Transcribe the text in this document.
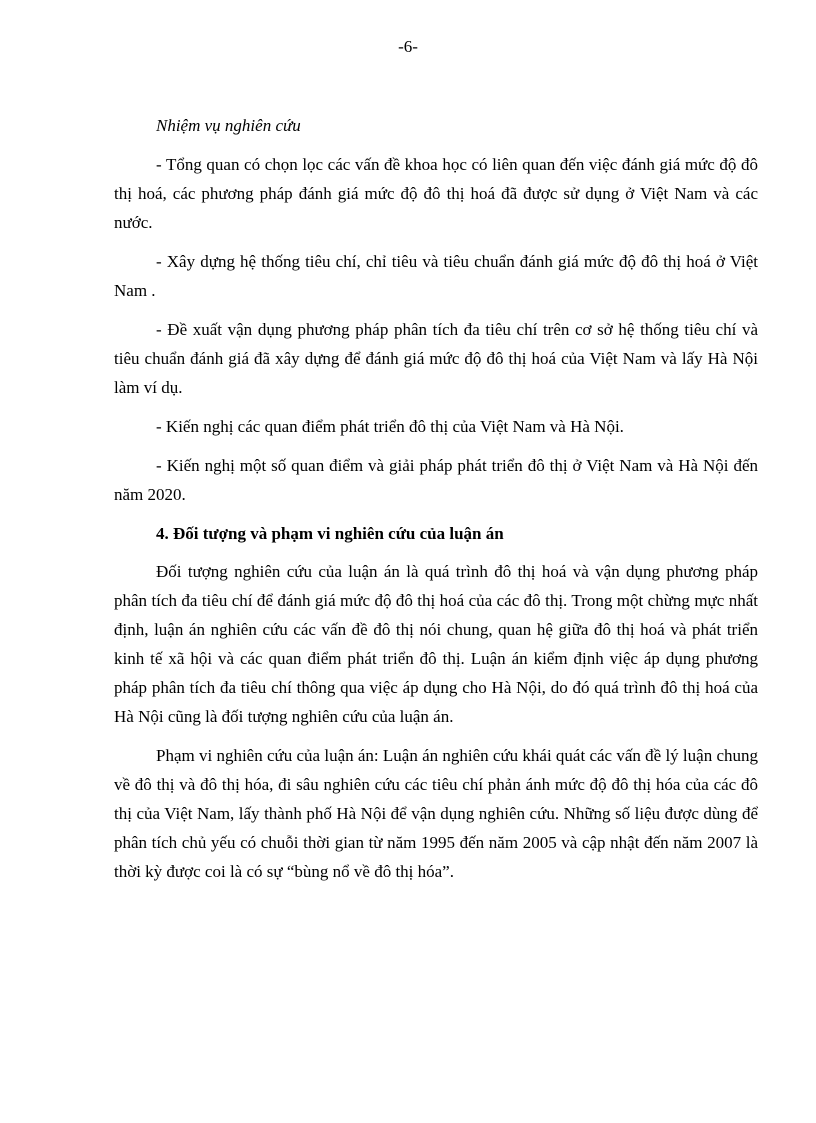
-6-

Nhiệm vụ nghiên cứu

- Tổng quan có chọn lọc các vấn đề khoa học có liên quan đến việc đánh giá mức độ đô thị hoá, các phương pháp đánh giá mức độ đô thị hoá đã được sử dụng ở Việt Nam và các nước.

- Xây dựng hệ thống tiêu chí, chỉ tiêu và tiêu chuẩn đánh giá mức độ đô thị hoá ở Việt Nam .

- Đề xuất vận dụng phương pháp phân tích đa tiêu chí trên cơ sở hệ thống tiêu chí và tiêu chuẩn đánh giá đã xây dựng để đánh giá mức độ đô thị hoá của Việt Nam và lấy Hà Nội làm ví dụ.

- Kiến nghị các quan điểm phát triển đô thị của Việt Nam và Hà Nội.

- Kiến nghị một số quan điểm và giải pháp phát triển đô thị ở Việt Nam và Hà Nội đến năm 2020.

4. Đối tượng và phạm vi nghiên cứu của luận án

Đối tượng nghiên cứu của luận án là quá trình đô thị hoá và vận dụng phương pháp phân tích đa tiêu chí để đánh giá mức độ đô thị hoá của các đô thị. Trong một chừng mực nhất định, luận án nghiên cứu các vấn đề đô thị nói chung, quan hệ giữa đô thị hoá và phát triển kinh tế xã hội và các quan điểm phát triển đô thị. Luận án kiểm định việc áp dụng phương pháp phân tích đa tiêu chí thông qua việc áp dụng cho Hà Nội, do đó quá trình đô thị hoá của Hà Nội cũng là đối tượng nghiên cứu của luận án.

Phạm vi nghiên cứu của luận án: Luận án nghiên cứu khái quát các vấn đề lý luận chung về đô thị và đô thị hóa, đi sâu nghiên cứu các tiêu chí phản ánh mức độ đô thị hóa của các đô thị của Việt Nam, lấy thành phố Hà Nội để vận dụng nghiên cứu. Những số liệu được dùng để phân tích chủ yếu có chuỗi thời gian từ năm 1995 đến năm 2005 và cập nhật đến năm 2007 là thời kỳ được coi là có sự “bùng nổ về đô thị hóa”.
